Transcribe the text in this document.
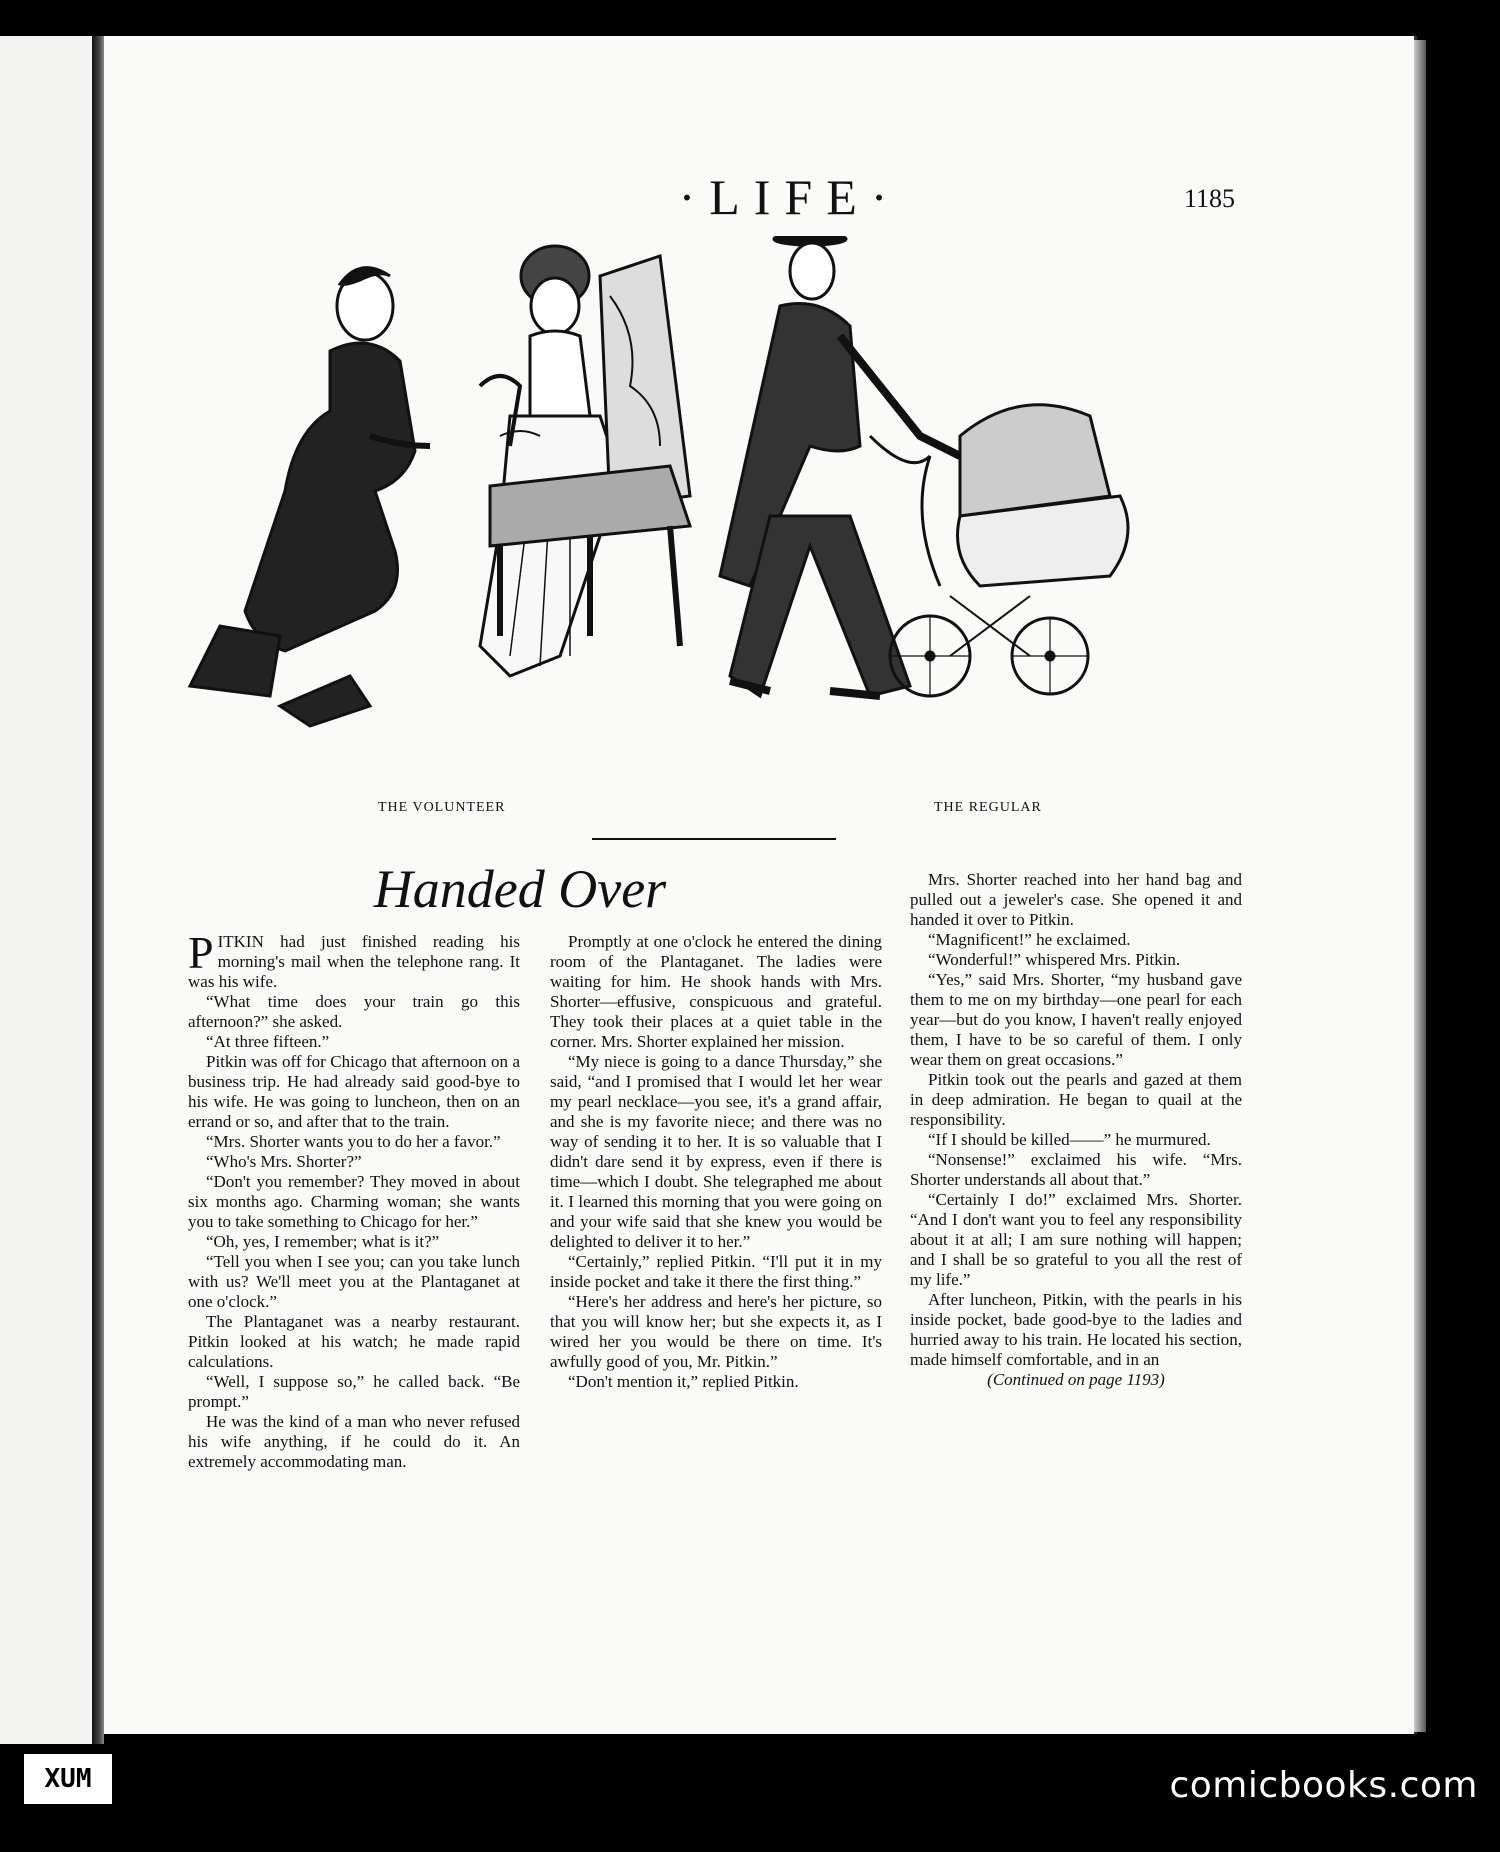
·LIFE·	1185
THE VOLUNTEER	THE REGULAR
Handed Over

PITKIN had just finished reading his morning's mail when the telephone rang. It was his wife.

“What time does your train go this afternoon?” she asked.

“At three fifteen.”

Pitkin was off for Chicago that afternoon on a business trip. He had already said good-bye to his wife. He was going to luncheon, then on an errand or so, and after that to the train.

“Mrs. Shorter wants you to do her a favor.”

“Who's Mrs. Shorter?”

“Don't you remember? They moved in about six months ago. Charming woman; she wants you to take something to Chicago for her.”

“Oh, yes, I remember; what is it?”

“Tell you when I see you; can you take lunch with us? We'll meet you at the Plantaganet at one o'clock.”

The Plantaganet was a nearby restaurant. Pitkin looked at his watch; he made rapid calculations.

“Well, I suppose so,” he called back. “Be prompt.”

He was the kind of a man who never refused his wife anything, if he could do it. An extremely accommodating man.

Promptly at one o'clock he entered the dining room of the Plantaganet. The ladies were waiting for him. He shook hands with Mrs. Shorter—effusive, conspicuous and grateful. They took their places at a quiet table in the corner. Mrs. Shorter explained her mission.

“My niece is going to a dance Thursday,” she said, “and I promised that I would let her wear my pearl necklace—you see, it's a grand affair, and she is my favorite niece; and there was no way of sending it to her. It is so valuable that I didn't dare send it by express, even if there is time—which I doubt. She telegraphed me about it. I learned this morning that you were going on and your wife said that she knew you would be delighted to deliver it to her.”

“Certainly,” replied Pitkin. “I'll put it in my inside pocket and take it there the first thing.”

“Here's her address and here's her picture, so that you will know her; but she expects it, as I wired her you would be there on time. It's awfully good of you, Mr. Pitkin.”

“Don't mention it,” replied Pitkin.

Mrs. Shorter reached into her hand bag and pulled out a jeweler's case. She opened it and handed it over to Pitkin.

“Magnificent!” he exclaimed.

“Wonderful!” whispered Mrs. Pitkin.

“Yes,” said Mrs. Shorter, “my husband gave them to me on my birthday—one pearl for each year—but do you know, I haven't really enjoyed them, I have to be so careful of them. I only wear them on great occasions.”

Pitkin took out the pearls and gazed at them in deep admiration. He began to quail at the responsibility.

“If I should be killed——” he murmured.

“Nonsense!” exclaimed his wife. “Mrs. Shorter understands all about that.”

“Certainly I do!” exclaimed Mrs. Shorter. “And I don't want you to feel any responsibility about it at all; I am sure nothing will happen; and I shall be so grateful to you all the rest of my life.”

After luncheon, Pitkin, with the pearls in his inside pocket, bade good-bye to the ladies and hurried away to his train. He located his section, made himself comfortable, and in an

(Continued on page 1193)

XUM	comicbooks.com
